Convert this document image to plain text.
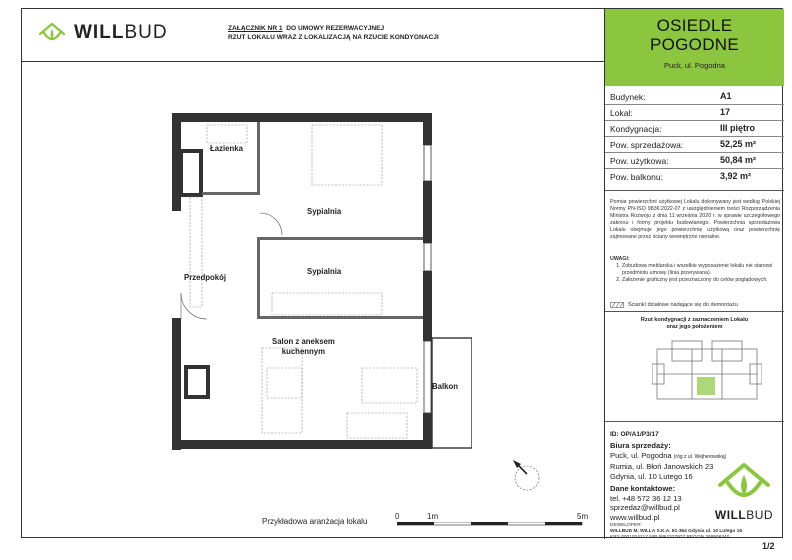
WILLBUD	ZAŁĄCZNIK NR 1 DO UMOWY REZERWACYJNEJ
RZUT LOKALU WRAZ Z LOKALIZACJĄ NA RZUCIE KONDYGNACJI
Łazienka
Sypialnia
Sypialnia
Przedpokój
Salon z aneksem
kuchennym
Balkon
Przykładowa aranżacja lokalu
0	1m	5m
OSIEDLE
POGODNE
Puck, ul. Pogodna
Budynek:	A1
Lokal:	17
Kondygnacja:	III piętro
Pow. sprzedażowa:	52,25 m²
Pow. użytkowa:	50,84 m²
Pow. balkonu:	3,92 m²
Pomiar powierzchni użytkowej Lokalu dokonywany jest według Polskiej Normy PN-ISO 9836:2022-07 z uwzględnieniem treści Rozporządzenia Ministra Rozwoju z dnia 11 września 2020 r. w sprawie szczegółowego zakresu i formy projektu budowlanego. Powierzchnia sprzedażowa Lokalu obejmuje jego powierzchnię użytkową oraz powierzchnię zajmowane przez ściany wewnętrzne nienalne.
UWAGI:
1. Zobudowa meblarska i wszelkie wyposażenie lokalu nie stanowi przedmiotu umowy (linia przerywana).
2. Założenie graficzny jest przeznaczony do celów poglądowych.
Ściankí działowe nadające się do demontażu
Rzut kondygnacji z zaznaczeniem Lokalu
oraz jego położeniem
ID: OP/A1/P3/17
Biura sprzedaży:
Puck, ul. Pogodna (róg z ul. Wejherowską)
Rumia, ul. Błoń Janowskich 23
Gdynia, ul. 10 Lutego 16
Dane kontaktowe:
tel. +48 572 36 12 13
sprzedaz@willbud.pl
www.willbud.pl
DEWELOPER:
WILLBUD M. WILLA S.K.A. 81-364 Gdynia ul. 10 Lutego 16
KRS 0001024217 NIP 5862327977 REGON 369506340
WILLBUD
1/2
